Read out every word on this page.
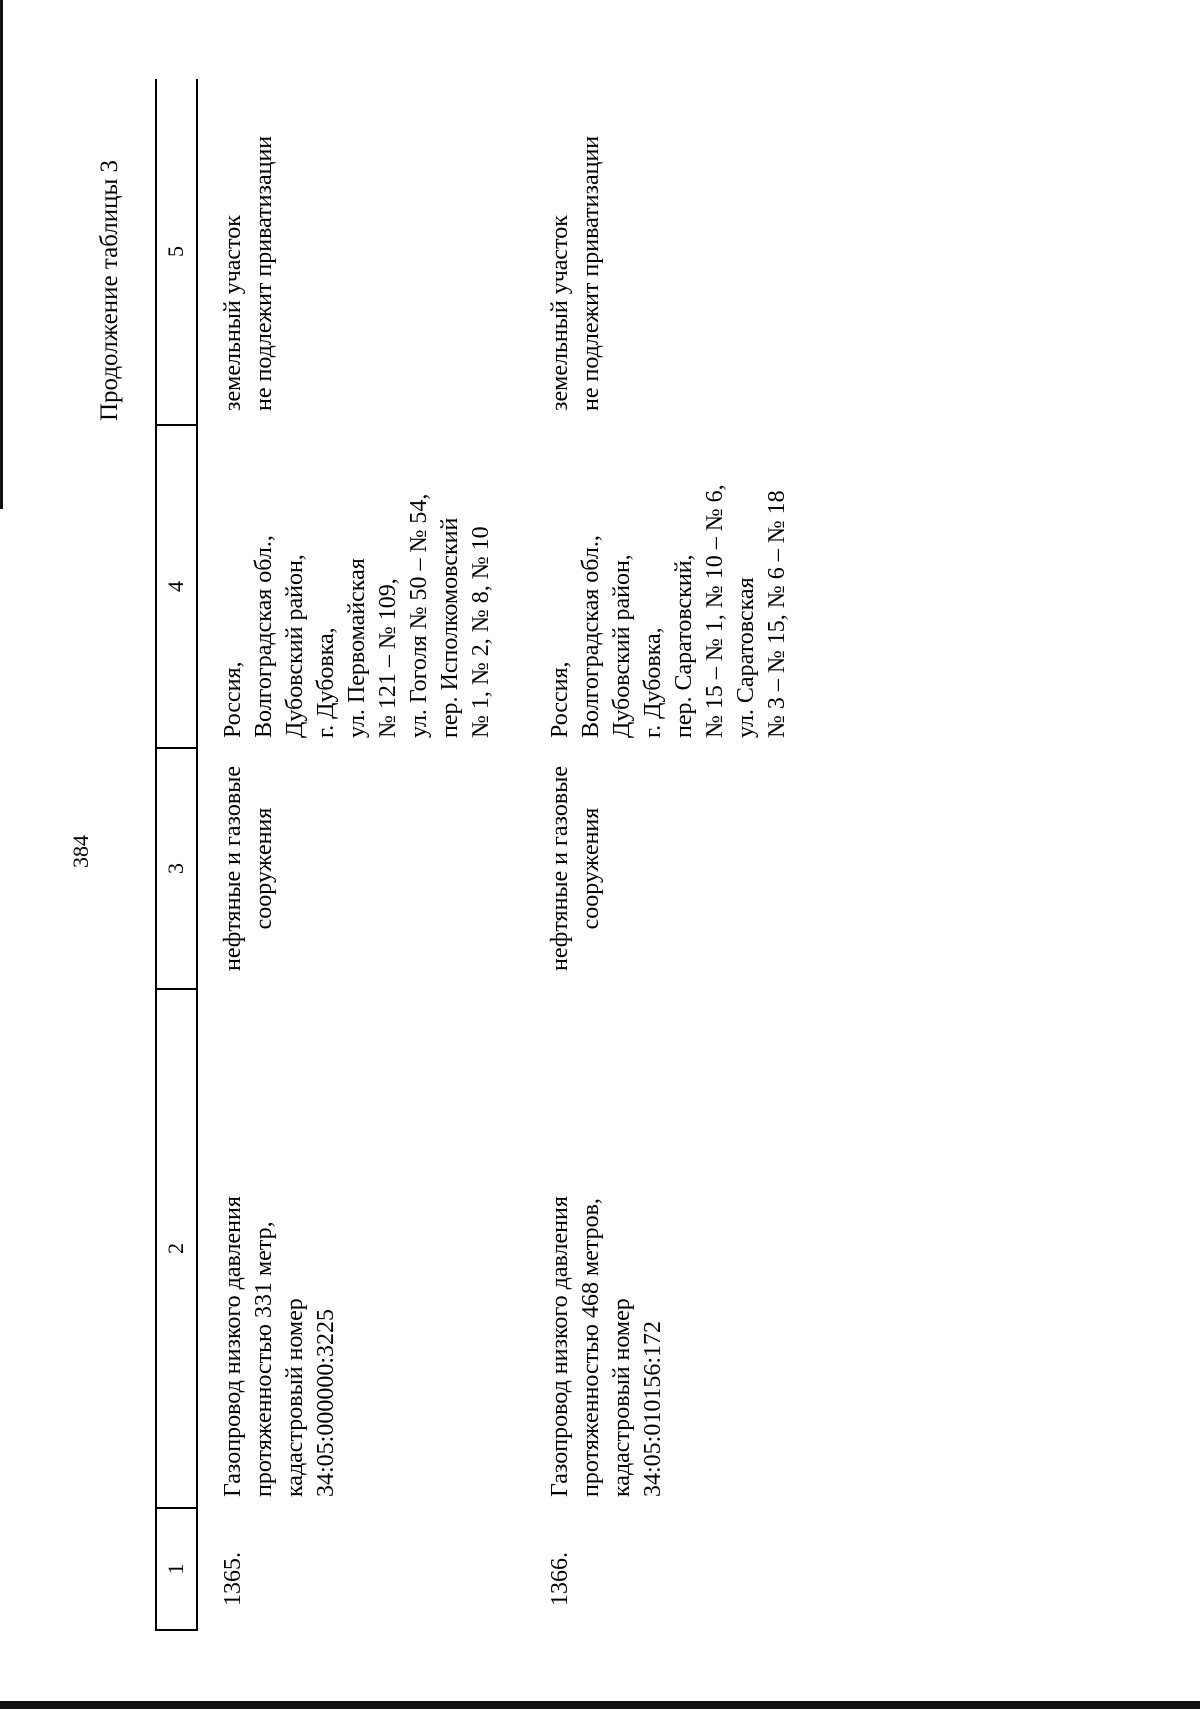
384
Продолжение таблицы 3
1
2
3
4
5
1365.
Газопровод низкого давления протяженностью 331 метр, кадастровый номер 34:05:000000:3225
нефтяные и газовые сооружения
Россия, Волгоградская обл., Дубовский район, г. Дубовка, ул. Первомайская № 121 – № 109, ул. Гоголя № 50 – № 54, пер. Исполкомовский № 1, № 2, № 8, № 10
земельный участок не подлежит приватизации
1366.
Газопровод низкого давления протяженностью 468 метров, кадастровый номер 34:05:010156:172
нефтяные и газовые сооружения
Россия, Волгоградская обл., Дубовский район, г. Дубовка, пер. Саратовский, № 15 – № 1, № 10 – № 6, ул. Саратовская № 3 – № 15, № 6 – № 18
земельный участок не подлежит приватизации
